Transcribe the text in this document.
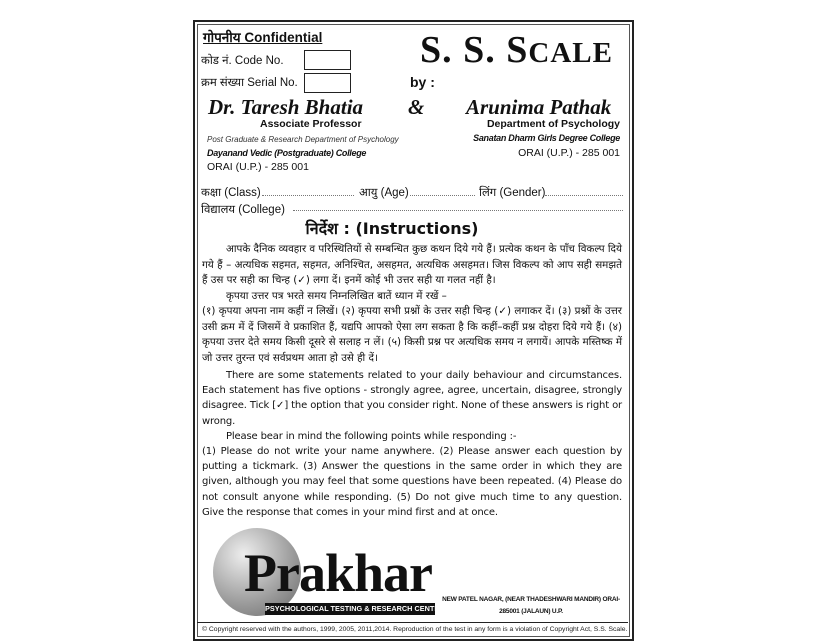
गोपनीय Confidential
कोड नं. Code No.
क्रम संख्या Serial No.
S. S. SCALE
by :
Dr. Taresh Bhatia & Arunima Pathak
Associate Professor
Post Graduate & Research Department of Psychology
Dayanand Vedic (Postgraduate) College
ORAI (U.P.) - 285 001
Department of Psychology
Sanatan Dharm Girls Degree College
ORAI (U.P.) - 285 001
कक्षा (Class)	आयु (Age)	लिंग (Gender)
विद्यालय (College)
निर्देश : (Instructions)

आपके दैनिक व्यवहार व परिस्थितियों से सम्बन्धित कुछ कथन दिये गये हैं। प्रत्येक कथन के पाँच विकल्प दिये गये हैं – अत्यधिक सहमत, सहमत, अनिश्चित, असहमत, अत्यधिक असहमत। जिस विकल्प को आप सही समझते हैं उस पर सही का चिन्ह (✓) लगा दें। इनमें कोई भी उत्तर सही या गलत नहीं है।

कृपया उत्तर पत्र भरते समय निम्नलिखित बातें ध्यान में रखें –

(१) कृपया अपना नाम कहीं न लिखें। (२) कृपया सभी प्रश्नों के उत्तर सही चिन्ह (✓) लगाकर दें। (३) प्रश्नों के उत्तर उसी क्रम में दें जिसमें वे प्रकाशित हैं, यद्यपि आपको ऐसा लग सकता है कि कहीं–कहीं प्रश्न दोहरा दिये गये हैं। (४) कृपया उत्तर देते समय किसी दूसरे से सलाह न लें। (५) किसी प्रश्न पर अत्यधिक समय न लगायें। आपके मस्तिष्क में जो उत्तर तुरन्त एवं सर्वप्रथम आता हो उसे ही दें।

There are some statements related to your daily behaviour and circumstances. Each statement has five options - strongly agree, agree, uncertain, disagree, strongly disagree. Tick [✓] the option that you consider right. None of these answers is right or wrong.

Please bear in mind the following points while responding :-

(1) Please do not write your name anywhere. (2) Please answer each question by putting a tickmark. (3) Answer the questions in the same order in which they are given, although you may feel that some questions have been repeated. (4) Please do not consult anyone while responding. (5) Do not give much time to any question. Give the response that comes in your mind first and at once.

Prakhar
PSYCHOLOGICAL TESTING & RESEARCH CENTRE
NEW PATEL NAGAR, (NEAR THADESHWARI MANDIR) ORAI-
285001 (JALAUN) U.P.
© Copyright reserved with the authors, 1999, 2005, 2011,2014. Reproduction of the test in any form is a violation of Copyright Act, S.S. Scale.
